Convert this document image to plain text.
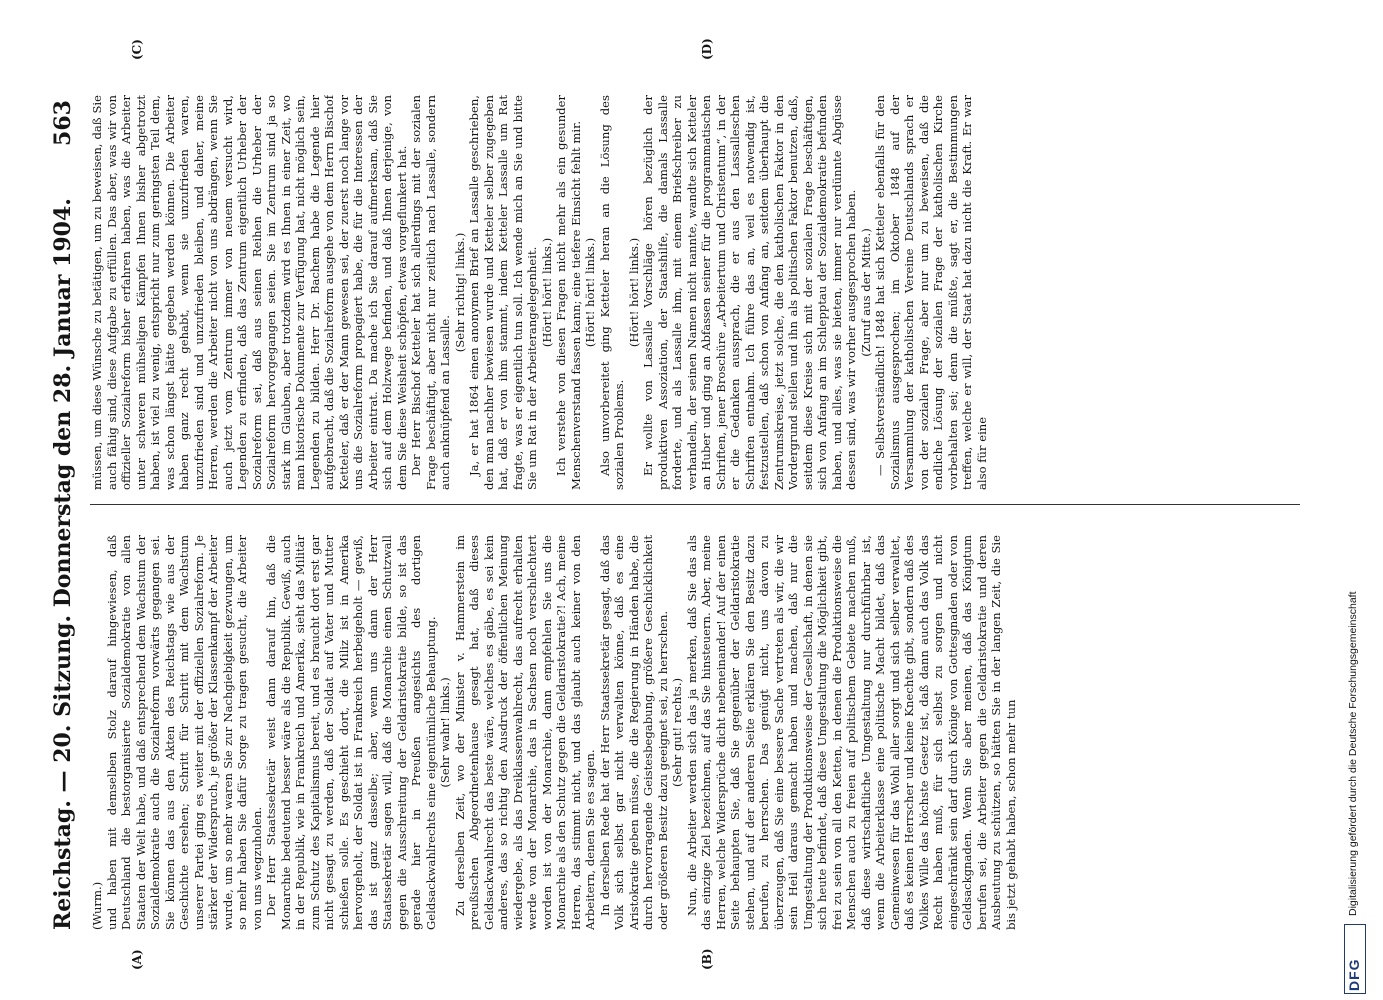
Reichstag. — 20. Sitzung. Donnerstag den 28. Januar 1904.
563
(A)	(B)
(C)	(D)

(Wurm.) und haben mit demselben Stolz darauf hingewiesen, daß Deutschland die bestorganisierte Sozialdemokratie von allen Staaten der Welt habe, und daß entsprechend dem Wachstum der Sozialdemokratie auch die Sozialreform vorwärts gegangen sei. Sie können das aus den Akten des Reichstags wie aus der Geschichte ersehen; Schritt für Schritt mit dem Wachstum unserer Partei ging es weiter mit der offiziellen Sozialreform. Je stärker der Widerspruch, je größer der Klassenkampf der Arbeiter wurde, um so mehr waren Sie zur Nachgiebigkeit gezwungen, um so mehr haben Sie dafür Sorge zu tragen gesucht, die Arbeiter von uns wegzuholen. Der Herr Staatssekretär weist dann darauf hin, daß die Monarchie bedeutend besser wäre als die Republik. Gewiß, auch in der Republik, wie in Frankreich und Amerika, sieht das Militär zum Schutz des Kapitalismus bereit, und es braucht dort erst gar nicht gesagt zu werden, daß der Soldat auf Vater und Mutter schießen solle. Es geschieht dort, die Miliz ist in Amerika hervorgeholt, der Soldat ist in Frankreich herbeigeholt — gewiß, das ist ganz dasselbe; aber, wenn uns dann der Herr Staatssekretär sagen will, daß die Monarchie einen Schutzwall gegen die Ausschreitung der Geldaristokratie bilde, so ist das gerade hier in Preußen angesichts des dortigen Geldsackwahlrechts eine eigentümliche Behauptung. (Sehr wahr! links.) Zu derselben Zeit, wo der Minister v. Hammerstein im preußischen Abgeordnetenhause gesagt hat, daß dieses Geldsackwahlrecht das beste wäre, welches es gäbe, es sei kein anderes, das so richtig den Ausdruck der öffentlichen Meinung wiedergebe, als das Dreiklassenwahlrecht, das aufrecht erhalten werde von der Monarchie, das in Sachsen noch verschlechtert worden ist von der Monarchie, dann empfehlen Sie uns die Monarchie als den Schutz gegen die Geldaristokratie?! Ach, meine Herren, das stimmt nicht, und das glaubt auch keiner von den Arbeitern, denen Sie es sagen. In derselben Rede hat der Herr Staatssekretär gesagt, daß das Volk sich selbst gar nicht verwalten könne, daß es eine Aristokratie geben müsse, die die Regierung in Händen habe, die durch hervorragende Geistesbegabung, größere Geschicklichkeit oder größeren Besitz dazu geeignet sei, zu herrschen. (Sehr gut! rechts.) Nun, die Arbeiter werden sich das ja merken, daß Sie das als das einzige Ziel bezeichnen, auf das Sie hinsteuern. Aber, meine Herren, welche Widersprüche dicht nebeneinander! Auf der einen Seite behaupten Sie, daß Sie gegenüber der Geldaristokratie stehen, und auf der anderen Seite erklären Sie den Besitz dazu berufen, zu herrschen. Das genügt nicht, uns davon zu überzeugen, daß Sie eine bessere Sache vertreten als wir, die wir sein Heil daraus gemacht haben und machen, daß nur die Umgestaltung der Produktionsweise der Gesellschaft, in denen sie sich heute befindet, daß diese Umgestaltung die Möglichkeit gibt, frei zu sein von all den Ketten, in denen die Produktionsweise die Menschen auch zu freien auf politischem Gebiete machen muß, daß diese wirtschaftliche Umgestaltung nur durchführbar ist, wenn die Arbeiterklasse eine politische Macht bildet, daß das Gemeinwesen für das Wohl aller sorgt und sich selber verwaltet, daß es keinen Herrscher und keine Knechte gibt, sondern daß des Volkes Wille das höchste Gesetz ist, daß dann auch das Volk das Recht haben muß, für sich selbst zu sorgen und nicht eingeschränkt sein darf durch Könige von Gottesgnaden oder von Geldsackgnaden. Wenn Sie aber meinen, daß das Königtum berufen sei, die Arbeiter gegen die Geldaristokratie und deren Ausbeutung zu schützen, so hätten Sie in der langen Zeit, die Sie bis jetzt gehabt haben, schon mehr tun

müssen, um diese Wünsche zu betätigen, um zu beweisen, daß Sie auch fähig sind, diese Aufgabe zu erfüllen. Das aber, was wir von offizieller Sozialreform bisher erfahren haben, was die Arbeiter unter schweren mühseligen Kämpfen Ihnen bisher abgetrotzt haben, ist viel zu wenig, entspricht nur zum geringsten Teil dem, was schon längst hätte gegeben werden können. Die Arbeiter haben ganz recht gehabt, wenn sie unzufrieden waren, unzufrieden sind und unzufrieden bleiben, und daher, meine Herren, werden die Arbeiter nicht von uns abdrängen, wenn Sie auch jetzt vom Zentrum immer von neuem versucht wird, Legenden zu erfinden, daß das Zentrum eigentlich Urheber der Sozialreform sei, daß aus seinen Reihen die Urheber der Sozialreform hervorgegangen seien. Sie im Zentrum sind ja so stark im Glauben, aber trotzdem wird es Ihnen in einer Zeit, wo man historische Dokumente zur Verfügung hat, nicht möglich sein, Legenden zu bilden. Herr Dr. Bachem habe die Legende hier aufgebracht, daß die Sozialreform ausgehe von dem Herrn Bischof Ketteler, daß er der Mann gewesen sei, der zuerst noch lange vor uns die Sozialreform propagiert habe, die für die Interessen der Arbeiter eintrat. Da mache ich Sie darauf aufmerksam, daß Sie sich auf dem Holzwege befinden, und daß Ihnen derjenige, von dem Sie diese Weisheit schöpfen, etwas vorgeflunkert hat. Der Herr Bischof Ketteler hat sich allerdings mit der sozialen Frage beschäftigt, aber nicht nur zeitlich nach Lassalle, sondern auch anknüpfend an Lassalle.

(Sehr richtig! links.) Ja, er hat 1864 einen anonymen Brief an Lassalle geschrieben, den man nachher bewiesen wurde und Ketteler selber zugegeben hat, daß er von ihm stammt, indem Ketteler Lassalle um Rat fragte, was er eigentlich tun soll. Ich wende mich an Sie und bitte Sie um Rat in der Arbeiterangelegenheit. (Hört! hört! links.) Ich verstehe von diesen Fragen nicht mehr als ein gesunder Menschenverstand fassen kann; eine tiefere Einsicht fehlt mir. (Hört! hört! links.) Also unvorbereitet ging Ketteler heran an die Lösung des sozialen Problems.

(Hört! hört! links.) Er wollte von Lassalle Vorschläge hören bezüglich der produktiven Assoziation, der Staatshilfe, die damals Lassalle forderte, und als Lassalle ihm, mit einem Briefschreiber zu verhandeln, der seinen Namen nicht nannte, wandte sich Ketteler an Huber und ging an Abfassen seiner für die programmatischen Schriften, jener Broschüre „Arbeitertum und Christentum“, in der er die Gedanken aussprach, die er aus den Lassalleschen Schriften entnahm. Ich führe das an, weil es notwendig ist, festzustellen, daß schon von Anfang an, seitdem überhaupt die Zentrumskreise, jetzt solche, die den katholischen Faktor in den Vordergrund stellen und ihn als politischen Faktor benutzen, daß, seitdem diese Kreise sich mit der sozialen Frage beschäftigen, sich von Anfang an im Schlepptau der Sozialdemokratie befunden haben, und alles, was sie bieten, immer nur verdünnte Abgüsse dessen sind, was wir vorher ausgesprochen haben. (Zuruf aus der Mitte.) — Selbstverständlich! 1848 hat sich Ketteler ebenfalls für den Sozialismus ausgesprochen; im Oktober 1848 auf der Versammlung der katholischen Vereine Deutschlands sprach er von der sozialen Frage, aber nur um zu beweisen, daß die endliche Lösung der sozialen Frage der katholischen Kirche vorbehalten sei; denn die müßte, sagt er, die Bestimmungen treffen, welche er will, der Staat hat dazu nicht die Kraft. Er war also für eine

DFG
Digitalisierung gefördert durch die Deutsche Forschungsgemeinschaft
